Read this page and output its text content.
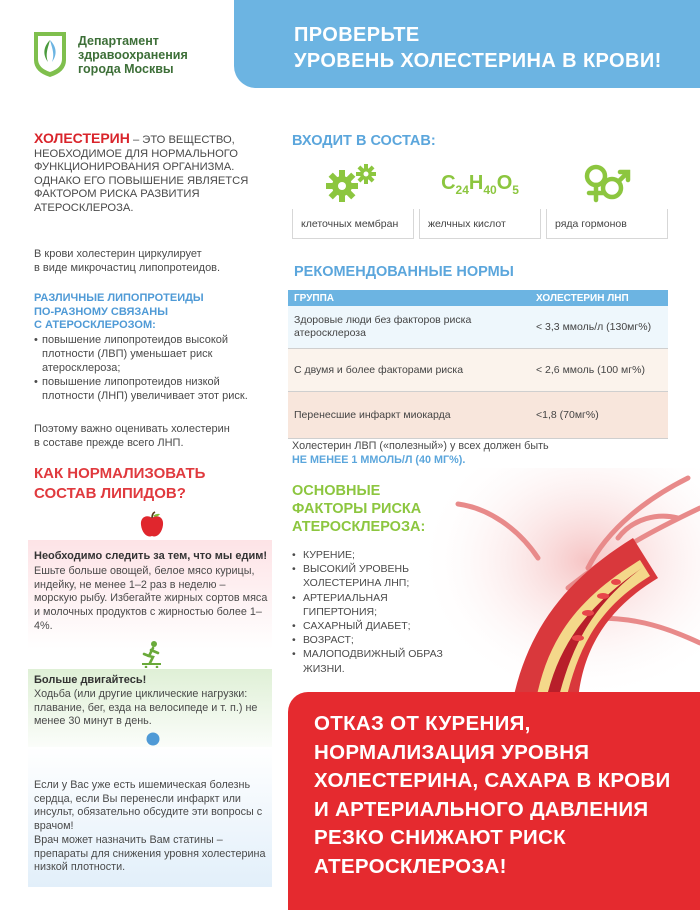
Департамент
здравоохранения
города Москвы
ПРОВЕРЬТЕ
УРОВЕНЬ ХОЛЕСТЕРИНА В КРОВИ!
ХОЛЕСТЕРИН – ЭТО ВЕЩЕСТВО, НЕОБХОДИМОЕ ДЛЯ НОРМАЛЬНОГО ФУНКЦИОНИРОВАНИЯ ОРГАНИЗМА. ОДНАКО ЕГО ПОВЫШЕНИЕ ЯВЛЯЕТСЯ ФАКТОРОМ РИСКА РАЗВИТИЯ АТЕРОСКЛЕРОЗА.
В крови холестерин циркулирует
в виде микрочастиц липопротеидов.
РАЗЛИЧНЫЕ ЛИПОПРОТЕИДЫ
ПО-РАЗНОМУ СВЯЗАНЫ
С АТЕРОСКЛЕРОЗОМ:
• повышение липопротеидов высокой плотности (ЛВП) уменьшает риск атеросклероза;
• повышение липопротеидов низкой плотности (ЛНП) увеличивает этот риск.
Поэтому важно оценивать холестерин
в составе прежде всего ЛНП.
КАК НОРМАЛИЗОВАТЬ
СОСТАВ ЛИПИДОВ?
Необходимо следить за тем, что мы едим!
Ешьте больше овощей, белое мясо курицы, индейку, не менее 1–2 раз в неделю – морскую рыбу. Избегайте жирных сортов мяса и молочных продуктов с жирностью более 1–4%.
Больше двигайтесь!
Ходьба (или другие циклические нагрузки: плавание, бег, езда на велосипеде и т. п.) не менее 30 минут в день.
Если у Вас уже есть ишемическая болезнь сердца, если Вы перенесли инфаркт или инсульт, обязательно обсудите эти вопросы с врачом!
Врач может назначить Вам статины – препараты для снижения уровня холестерина низкой плотности.
ВХОДИТ В СОСТАВ:
$C_{24}H_{40}O_5$
клеточных мембран	желчных кислот	ряда гормонов
РЕКОМЕНДОВАННЫЕ НОРМЫ
ГРУППА	ХОЛЕСТЕРИН ЛНП
Здоровые люди без факторов риска атеросклероза	< 3,3 ммоль/л (130мг%)
С двумя и более факторами риска	< 2,6 ммоль (100 мг%)
Перенесшие инфаркт миокарда	<1,8 (70мг%)
Холестерин ЛВП («полезный») у всех должен быть
НЕ МЕНЕЕ 1 ММОЛЬ/Л (40 МГ%).
ОСНОВНЫЕ
ФАКТОРЫ РИСКА
АТЕРОСКЛЕРОЗА:
• КУРЕНИЕ;
• ВЫСОКИЙ УРОВЕНЬ ХОЛЕСТЕРИНА ЛНП;
• АРТЕРИАЛЬНАЯ ГИПЕРТОНИЯ;
• САХАРНЫЙ ДИАБЕТ;
• ВОЗРАСТ;
• МАЛОПОДВИЖНЫЙ ОБРАЗ ЖИЗНИ.
ОТКАЗ ОТ КУРЕНИЯ,
НОРМАЛИЗАЦИЯ УРОВНЯ
ХОЛЕСТЕРИНА, САХАРА В КРОВИ
И АРТЕРИАЛЬНОГО ДАВЛЕНИЯ
РЕЗКО СНИЖАЮТ РИСК
АТЕРОСКЛЕРОЗА!
